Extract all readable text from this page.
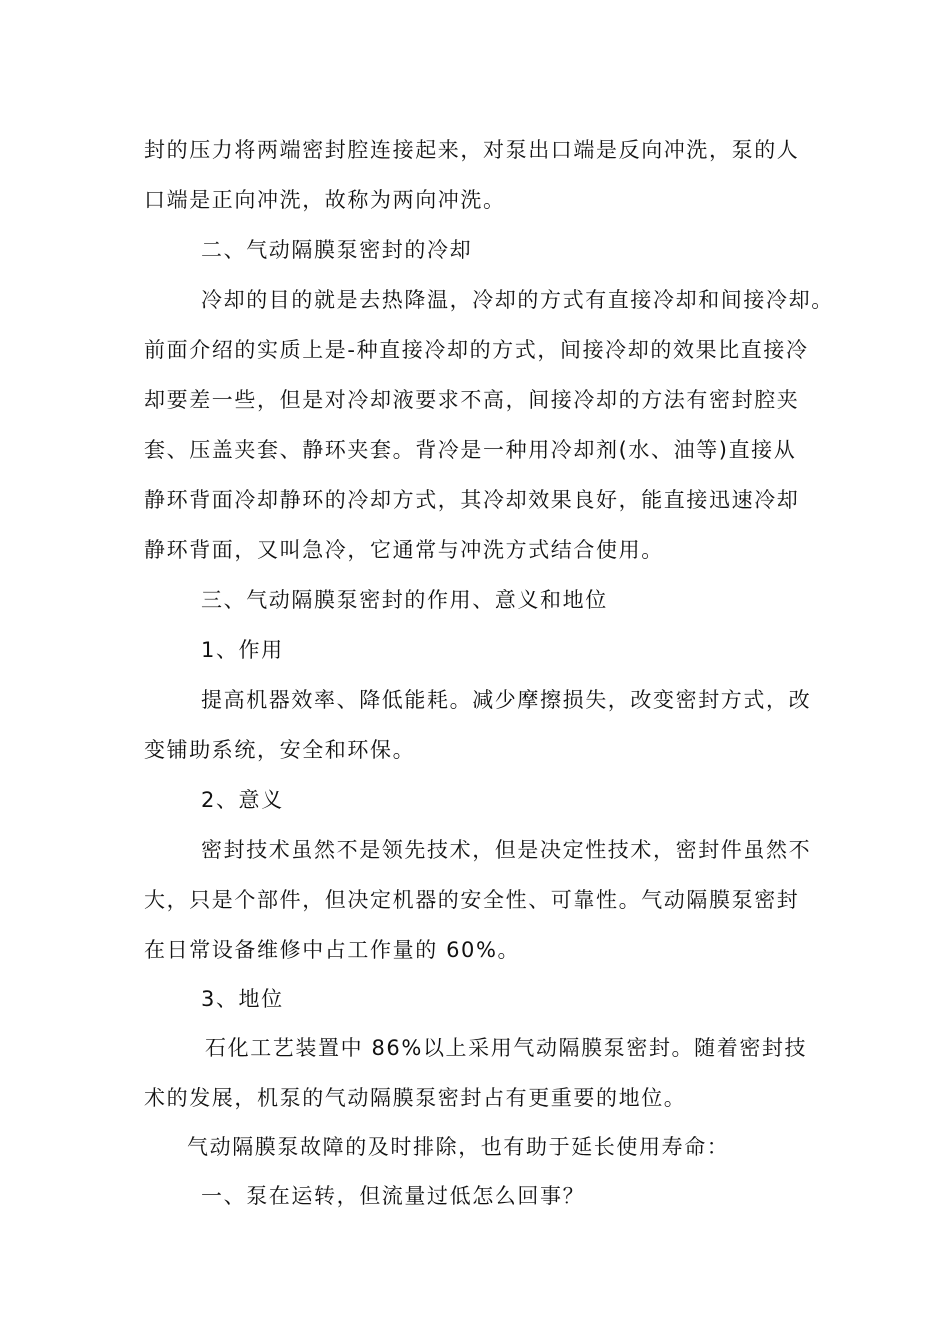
封的压力将两端密封腔连接起来，对泵出口端是反向冲洗，泵的人
口端是正向冲洗，故称为两向冲洗。
二、气动隔膜泵密封的冷却
冷却的目的就是去热降温，冷却的方式有直接冷却和间接冷却。
前面介绍的实质上是-种直接冷却的方式，间接冷却的效果比直接冷
却要差一些，但是对冷却液要求不高，间接冷却的方法有密封腔夹
套、压盖夹套、静环夹套。背冷是一种用冷却剂(水、油等)直接从
静环背面冷却静环的冷却方式，其冷却效果良好，能直接迅速冷却
静环背面，又叫急冷，它通常与冲洗方式结合使用。
三、气动隔膜泵密封的作用、意义和地位
1、作用
提高机器效率、降低能耗。减少摩擦损失，改变密封方式，改
变铺助系统，安全和环保。
2、意义
密封技术虽然不是领先技术，但是决定性技术，密封件虽然不
大，只是个部件，但决定机器的安全性、可靠性。气动隔膜泵密封
在日常设备维修中占工作量的 60%。
3、地位
石化工艺装置中 86%以上采用气动隔膜泵密封。随着密封技
术的发展，机泵的气动隔膜泵密封占有更重要的地位。
气动隔膜泵故障的及时排除，也有助于延长使用寿命：
一、泵在运转，但流量过低怎么回事？
